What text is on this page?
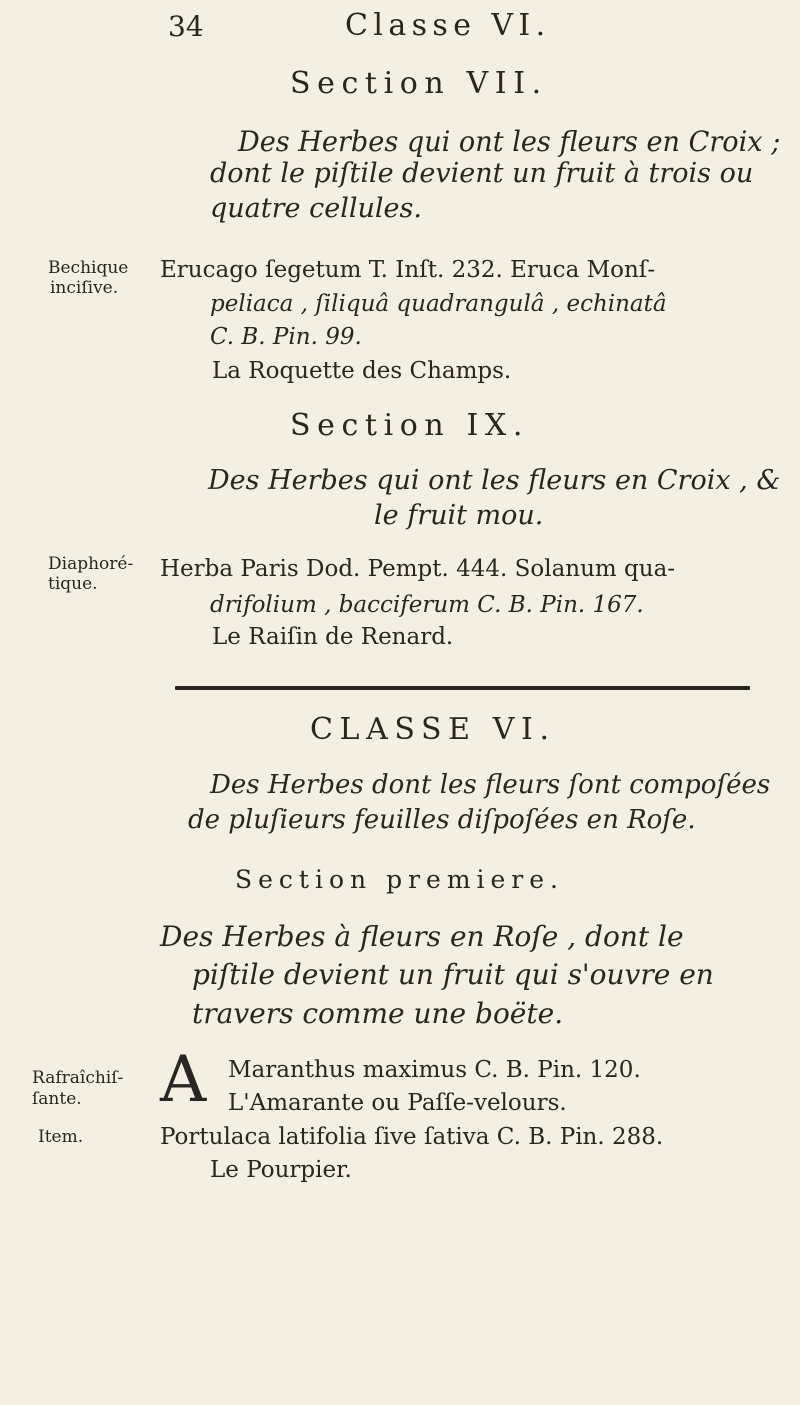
34	Classe VI.
Section VII.
Des Herbes qui ont les fleurs en Croix ;
dont le piſtile devient un fruit à trois ou
quatre cellules.
Bechique
inciſive.
Erucago ſegetum T. Inſt. 232. Eruca Monſ-
peliaca , ſiliquâ quadrangulâ , echinatâ
C. B. Pin. 99.
La Roquette des Champs.
Section IX.
Des Herbes qui ont les fleurs en Croix , &
le fruit mou.
Diaphoré-
tique.
Herba Paris Dod. Pempt. 444. Solanum qua-
drifolium , bacciferum C. B. Pin. 167.
Le Raiſin de Renard.
CLASSE VI.
Des Herbes dont les fleurs ſont compoſées
de pluſieurs feuilles diſpoſées en Roſe.
Section premiere.
Des Herbes à fleurs en Roſe , dont le
piſtile devient un fruit qui s'ouvre en
travers comme une boëte.
Rafraîchiſ-
ſante. A Maranthus maximus C. B. Pin. 120.
L'Amarante ou Paſſe-velours.
Item.	Portulaca latifolia ſive ſativa C. B. Pin. 288.
Le Pourpier.
